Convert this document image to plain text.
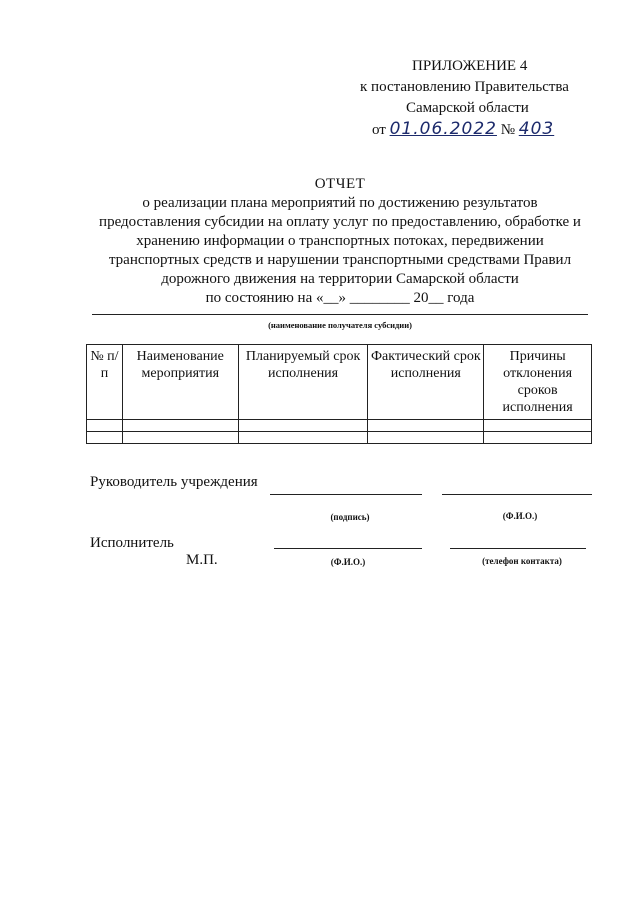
ПРИЛОЖЕНИЕ 4
к постановлению Правительства
Самарской области
от 01.06.2022 № 403
ОТЧЕТ
о реализации плана мероприятий по достижению результатов
предоставления субсидии на оплату услуг по предоставлению, обработке и
хранению информации о транспортных потоках, передвижении
транспортных средств и нарушении транспортными средствами Правил
дорожного движения на территории Самарской области
по состоянию на «__» ________ 20__ года
(наименование получателя субсидии)
№ п/п	Наименование мероприятия	Планируемый срок исполнения	Фактический срок исполнения	Причины отклонения сроков исполнения

Руководитель учреждения
(подпись)	(Ф.И.О.)
Исполнитель
М.П.	(Ф.И.О.)	(телефон контакта)
